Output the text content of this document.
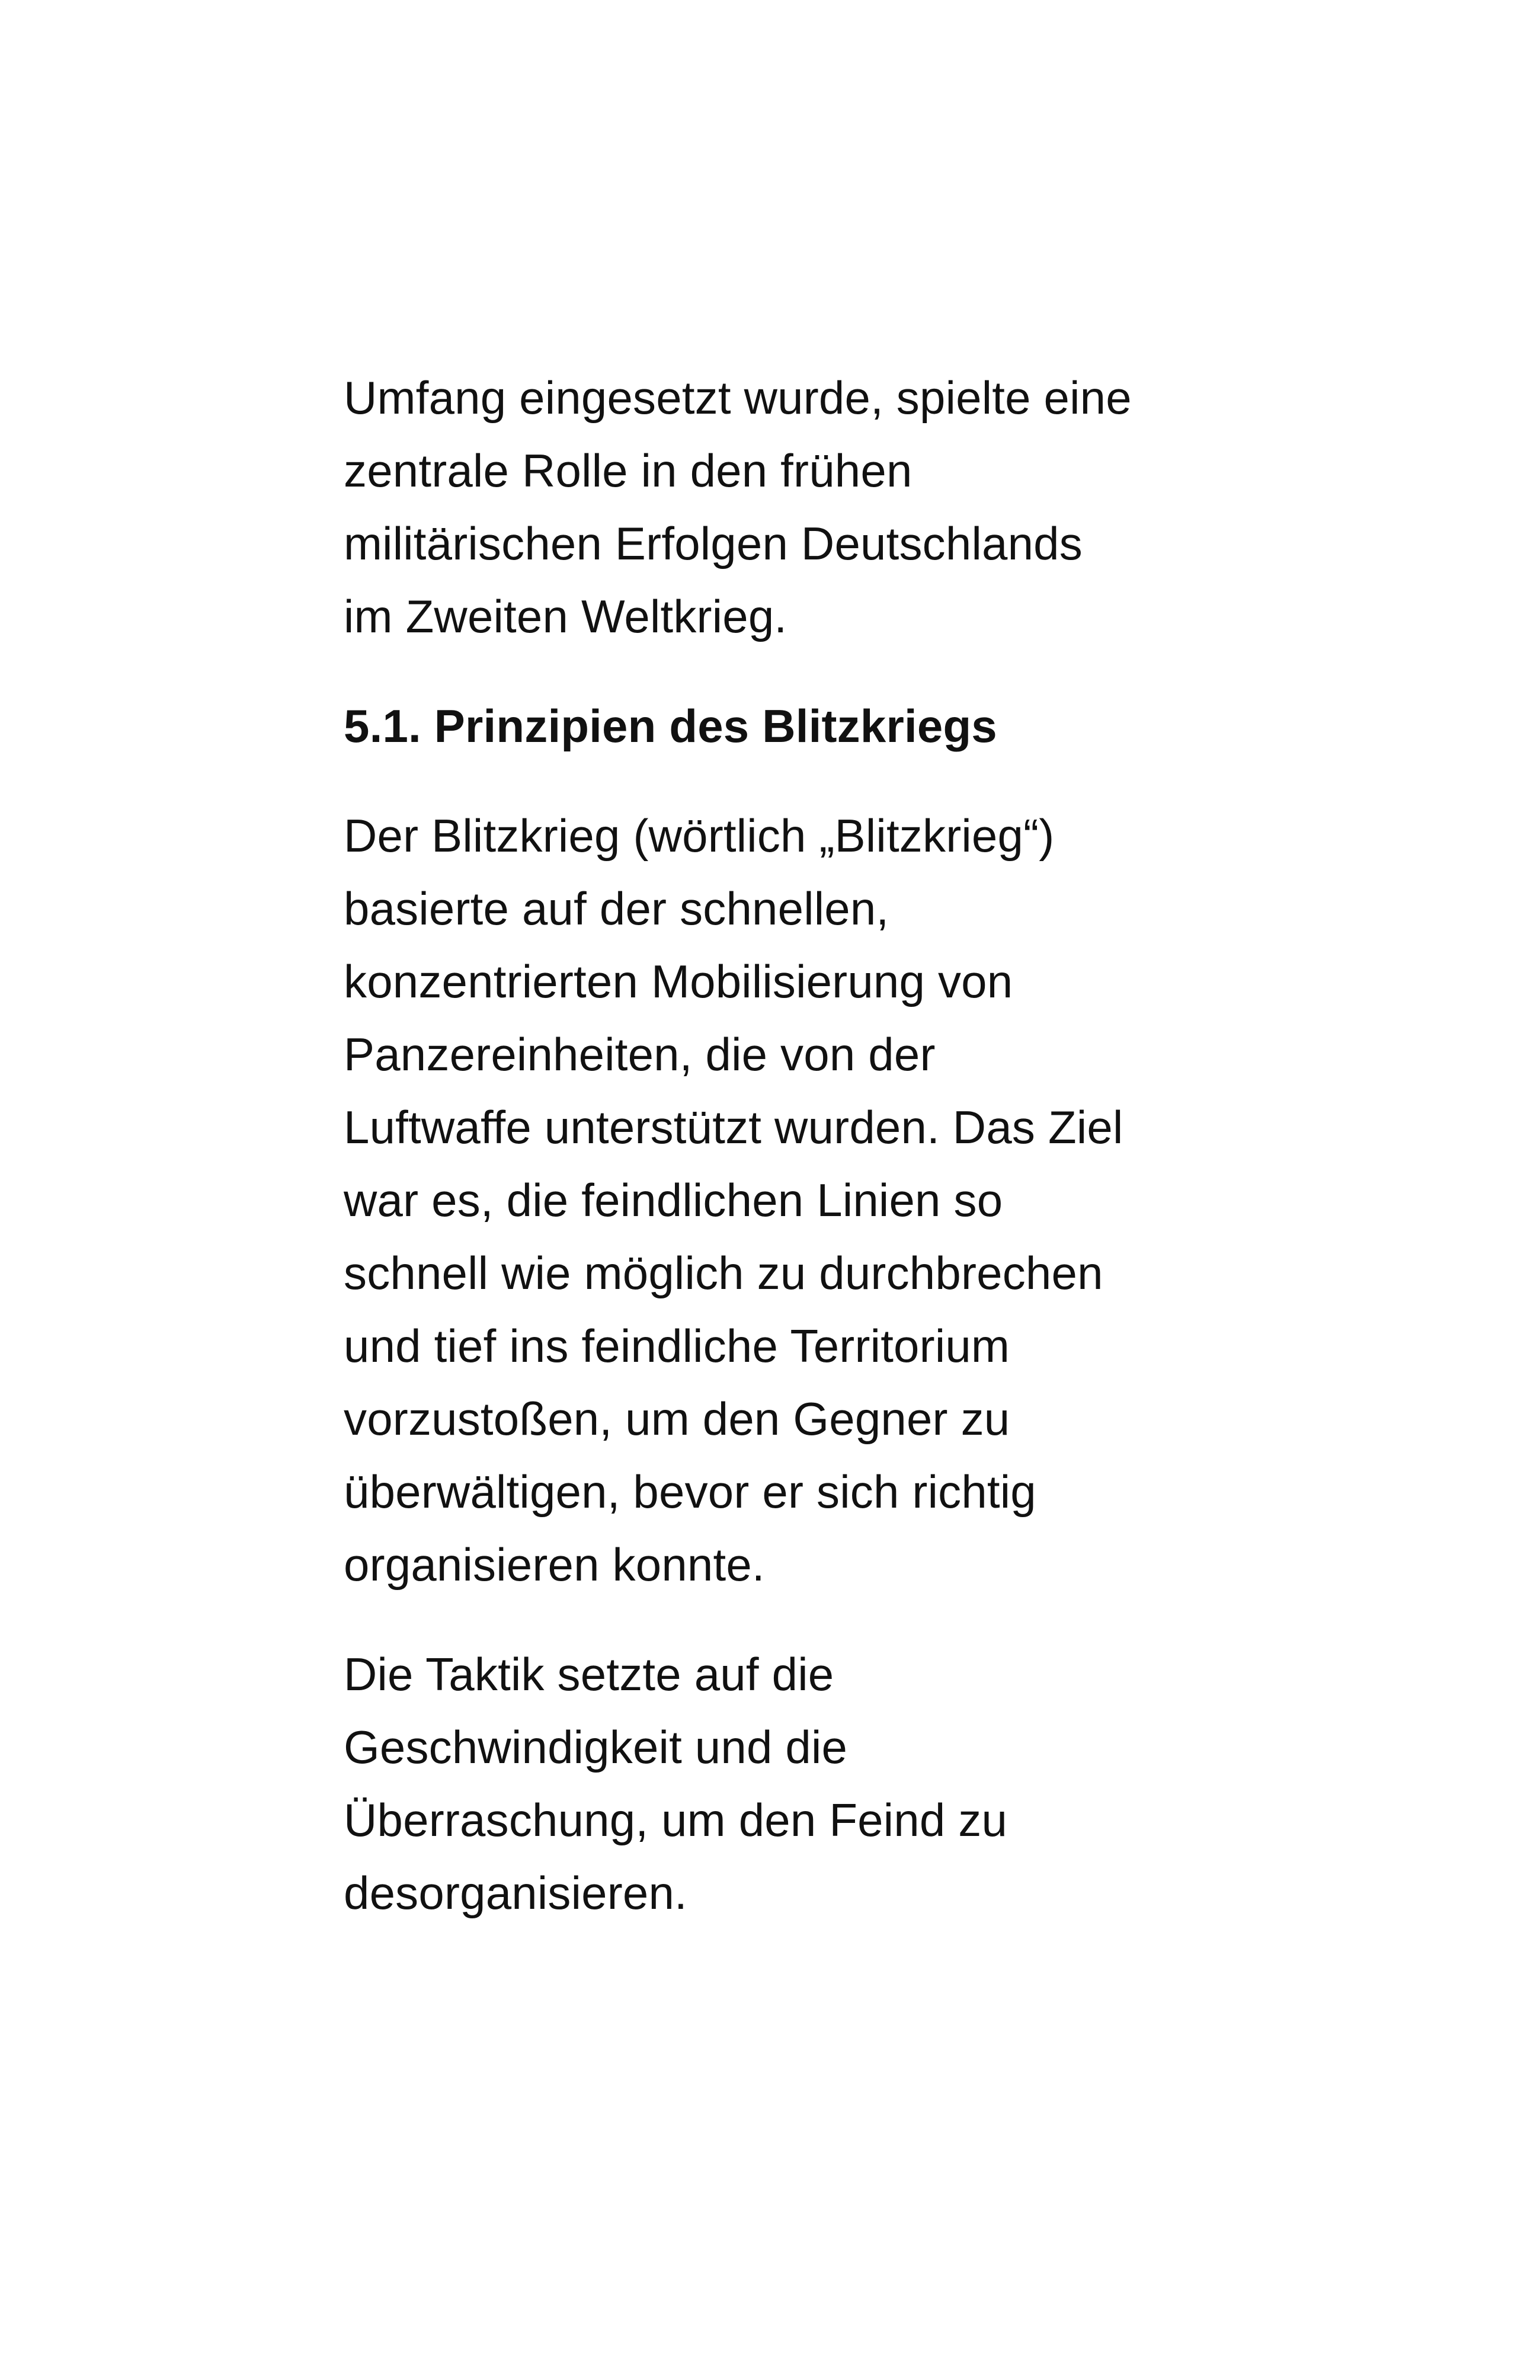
Umfang eingesetzt wurde, spielte eine
zentrale Rolle in den frühen
militärischen Erfolgen Deutschlands
im Zweiten Weltkrieg.
5.1. Prinzipien des Blitzkriegs
Der Blitzkrieg (wörtlich „Blitzkrieg“)
basierte auf der schnellen,
konzentrierten Mobilisierung von
Panzereinheiten, die von der
Luftwaffe unterstützt wurden. Das Ziel
war es, die feindlichen Linien so
schnell wie möglich zu durchbrechen
und tief ins feindliche Territorium
vorzustoßen, um den Gegner zu
überwältigen, bevor er sich richtig
organisieren konnte.
Die Taktik setzte auf die
Geschwindigkeit und die
Überraschung, um den Feind zu
desorganisieren.
